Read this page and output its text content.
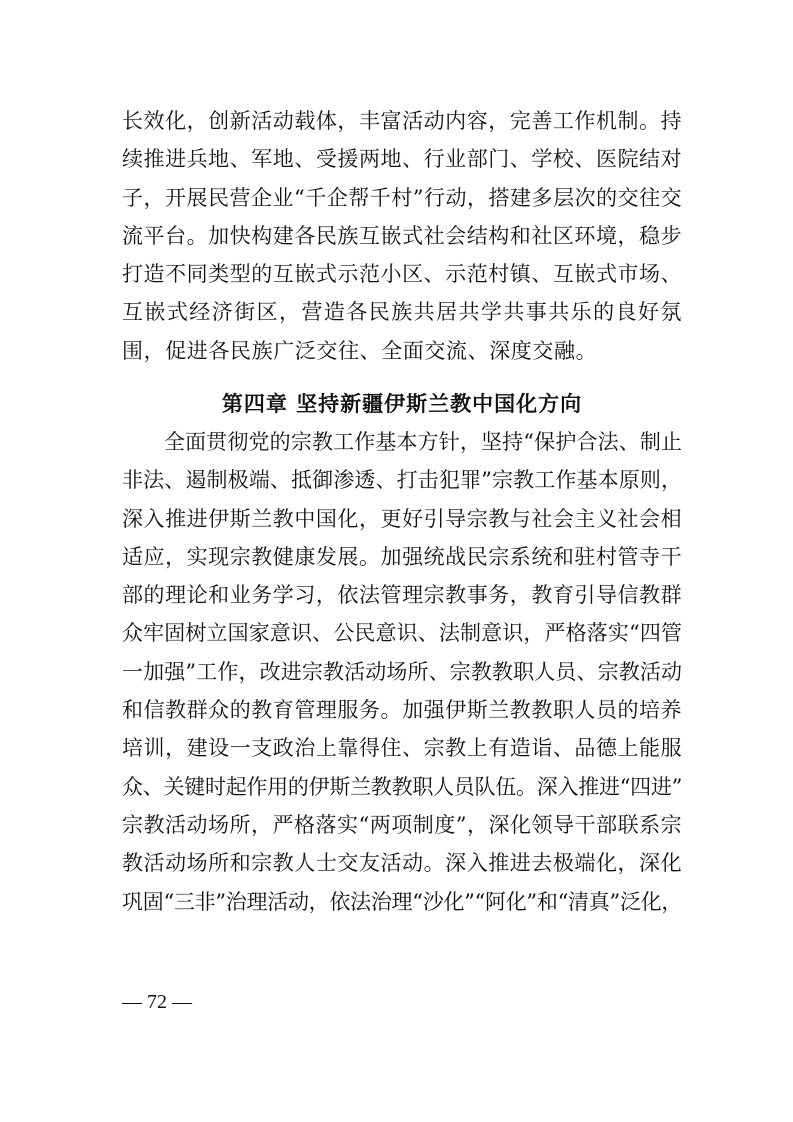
长效化，创新活动载体，丰富活动内容，完善工作机制。持
续推进兵地、军地、受援两地、行业部门、学校、医院结对
子，开展民营企业“千企帮千村”行动，搭建多层次的交往交
流平台。加快构建各民族互嵌式社会结构和社区环境，稳步
打造不同类型的互嵌式示范小区、示范村镇、互嵌式市场、
互嵌式经济街区，营造各民族共居共学共事共乐的良好氛
围，促进各民族广泛交往、全面交流、深度交融。
第四章 坚持新疆伊斯兰教中国化方向
全面贯彻党的宗教工作基本方针，坚持“保护合法、制止
非法、遏制极端、抵御渗透、打击犯罪”宗教工作基本原则，
深入推进伊斯兰教中国化，更好引导宗教与社会主义社会相
适应，实现宗教健康发展。加强统战民宗系统和驻村管寺干
部的理论和业务学习，依法管理宗教事务，教育引导信教群
众牢固树立国家意识、公民意识、法制意识，严格落实“四管
一加强”工作，改进宗教活动场所、宗教教职人员、宗教活动
和信教群众的教育管理服务。加强伊斯兰教教职人员的培养
培训，建设一支政治上靠得住、宗教上有造诣、品德上能服
众、关键时起作用的伊斯兰教教职人员队伍。深入推进“四进”
宗教活动场所，严格落实“两项制度”，深化领导干部联系宗
教活动场所和宗教人士交友活动。深入推进去极端化，深化
巩固“三非”治理活动，依法治理“沙化”“阿化”和“清真”泛化，
— 72 —
